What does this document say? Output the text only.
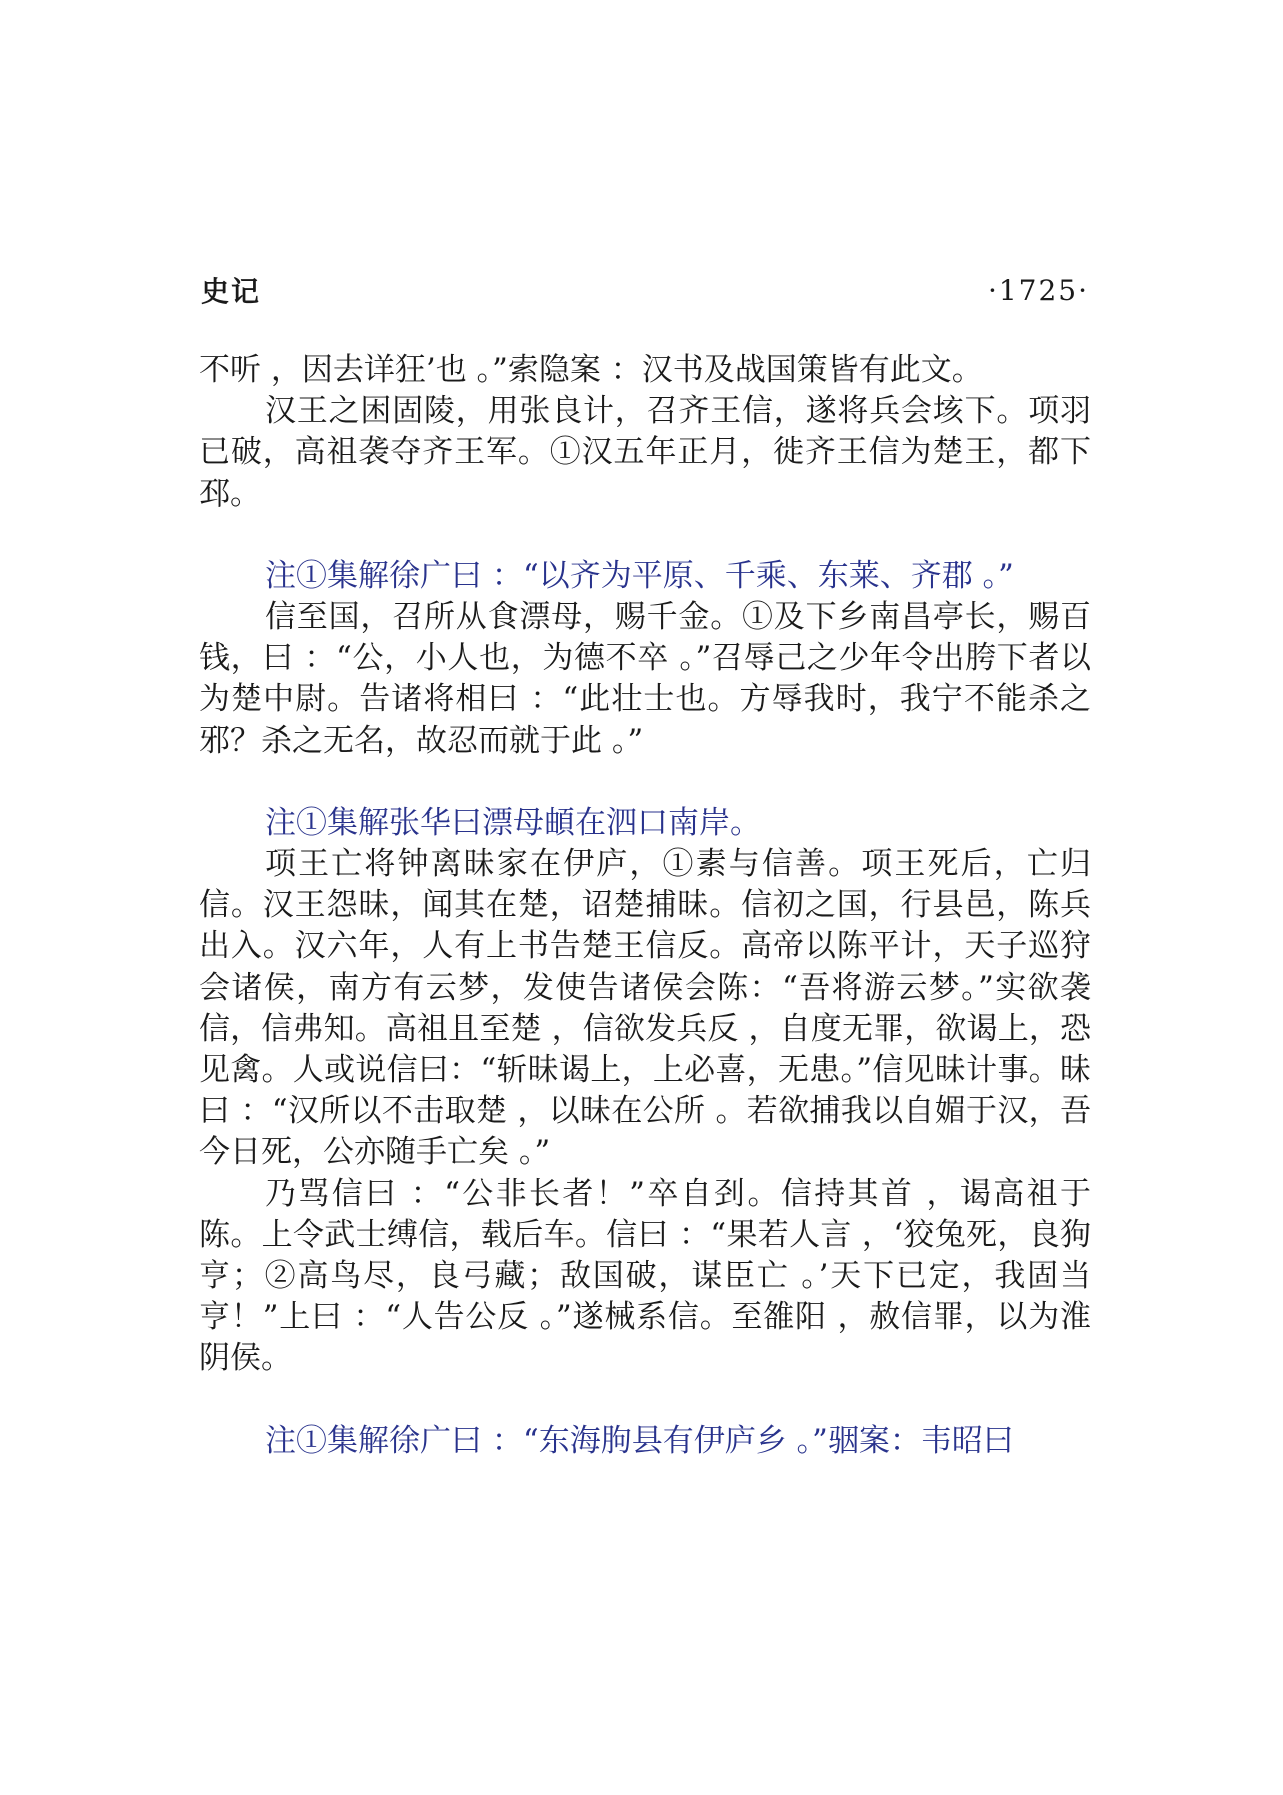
史记	·1725·

不听 ，因去详狂’也 。”索隐案 ：汉书及战国策皆有此文。

汉王之困固陵，用张良计，召齐王信，遂将兵会垓下。项羽已破，高祖袭夺齐王军。①汉五年正月，徙齐王信为楚王，都下邳。

注①集解徐广曰 ：“以齐为平原、千乘、东莱、齐郡 。”

信至国，召所从食漂母，赐千金。①及下乡南昌亭长，赐百钱，曰 ：“公，小人也，为德不卒 。”召辱己之少年令出胯下者以为楚中尉。告诸将相曰 ：“此壮士也。方辱我时，我宁不能杀之邪？杀之无名，故忍而就于此 。”

注①集解张华曰漂母頔在泗口南岸。

项王亡将钟离昧家在伊庐，①素与信善。项王死后，亡归信。汉王怨昧，闻其在楚，诏楚捕昧。信初之国，行县邑，陈兵出入。汉六年，人有上书告楚王信反。高帝以陈平计，天子巡狩会诸侯，南方有云梦，发使告诸侯会陈：“吾将游云梦。”实欲袭信，信弗知。高祖且至楚 ，信欲发兵反 ，自度无罪，欲谒上，恐见禽。人或说信曰：“斩昧谒上，上必喜，无患。”信见昧计事。昧曰 ：“汉所以不击取楚 ，以昧在公所 。若欲捕我以自媚于汉，吾今日死，公亦随手亡矣 。”

乃骂信曰 ：“公非长者！”卒自刭。信持其首 ，谒高祖于陈。上令武士缚信，载后车。信曰 ：“果若人言 ，‘狡兔死，良狗亨；②高鸟尽，良弓藏；敌国破，谋臣亡 。’天下已定，我固当亨！”上曰 ：“人告公反 。”遂械系信。至雒阳 ，赦信罪，以为淮阴侯。

注①集解徐广曰 ：“东海朐县有伊庐乡 。”骃案：韦昭曰
